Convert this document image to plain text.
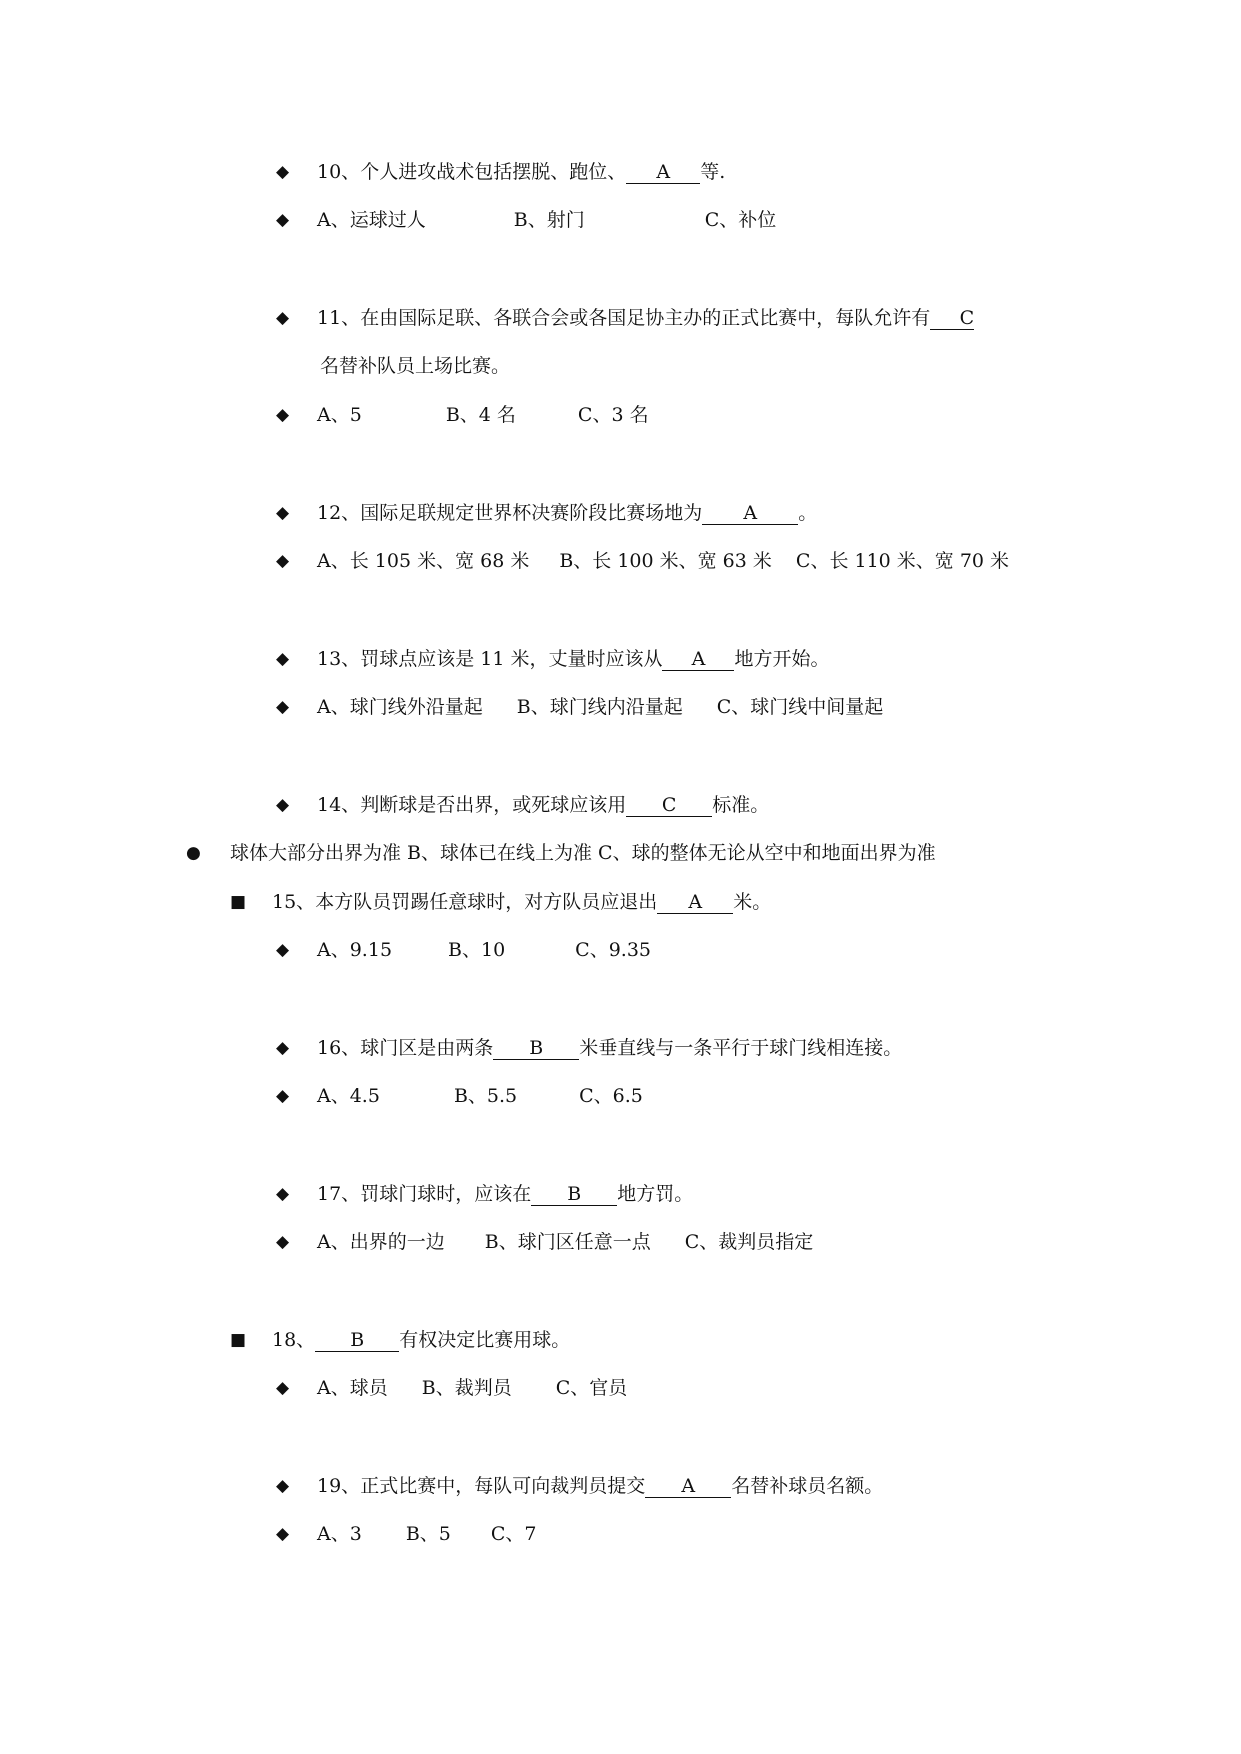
◆ 10、个人进攻战术包括摆脱、跑位、 A 等.
◆ A、运球过人	B、射门	C、补位
◆ 11、在由国际足联、各联合会或各国足协主办的正式比赛中，每队允许有 C
名替补队员上场比赛。
◆ A、5	B、4 名	C、3 名
◆ 12、国际足联规定世界杯决赛阶段比赛场地为 A 。
◆ A、长 105 米、宽 68 米 B、长 100 米、宽 63 米 C、长 110 米、宽 70 米
◆ 13、罚球点应该是 11 米，丈量时应该从 A 地方开始。
◆ A、球门线外沿量起 B、球门线内沿量起 C、球门线中间量起
◆ 14、判断球是否出界，或死球应该用 C 标准。
● 球体大部分出界为准 B、球体已在线上为准 C、球的整体无论从空中和地面出界为准
■ 15、本方队员罚踢任意球时，对方队员应退出 A 米。
◆ A、9.15	B、10	C、9.35
◆ 16、球门区是由两条 B 米垂直线与一条平行于球门线相连接。
◆ A、4.5	B、5.5	C、6.5
◆ 17、罚球门球时，应该在 B 地方罚。
◆ A、出界的一边 B、球门区任意一点 C、裁判员指定
■ 18、 B 有权决定比赛用球。
◆ A、球员 B、裁判员 C、官员
◆ 19、正式比赛中，每队可向裁判员提交 A 名替补球员名额。
◆ A、3 B、5 C、7
